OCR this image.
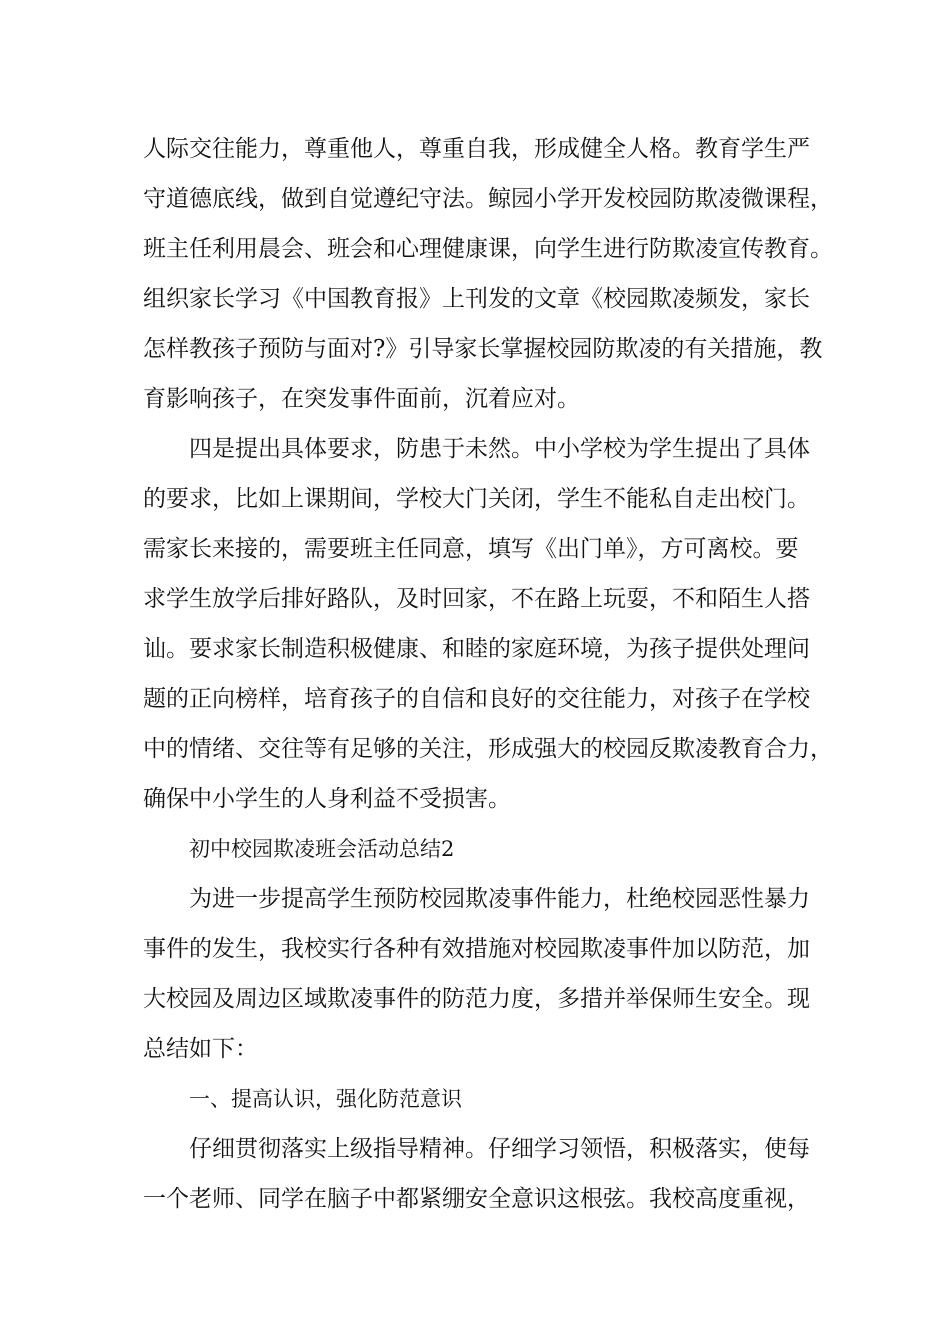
人际交往能力，尊重他人，尊重自我，形成健全人格。教育学生严
守道德底线，做到自觉遵纪守法。鲸园小学开发校园防欺凌微课程，
班主任利用晨会、班会和心理健康课，向学生进行防欺凌宣传教育。
组织家长学习《中国教育报》上刊发的文章《校园欺凌频发，家长
怎样教孩子预防与面对?》引导家长掌握校园防欺凌的有关措施，教
育影响孩子，在突发事件面前，沉着应对。
四是提出具体要求，防患于未然。中小学校为学生提出了具体
的要求，比如上课期间，学校大门关闭，学生不能私自走出校门。
需家长来接的，需要班主任同意，填写《出门单》，方可离校。要
求学生放学后排好路队，及时回家，不在路上玩耍，不和陌生人搭
讪。要求家长制造积极健康、和睦的家庭环境，为孩子提供处理问
题的正向榜样，培育孩子的自信和良好的交往能力，对孩子在学校
中的情绪、交往等有足够的关注，形成强大的校园反欺凌教育合力，
确保中小学生的人身利益不受损害。
初中校园欺凌班会活动总结2
为进一步提高学生预防校园欺凌事件能力，杜绝校园恶性暴力
事件的发生，我校实行各种有效措施对校园欺凌事件加以防范，加
大校园及周边区域欺凌事件的防范力度，多措并举保师生安全。现
总结如下：
一、提高认识，强化防范意识
仔细贯彻落实上级指导精神。仔细学习领悟，积极落实，使每
一个老师、同学在脑子中都紧绷安全意识这根弦。我校高度重视，
